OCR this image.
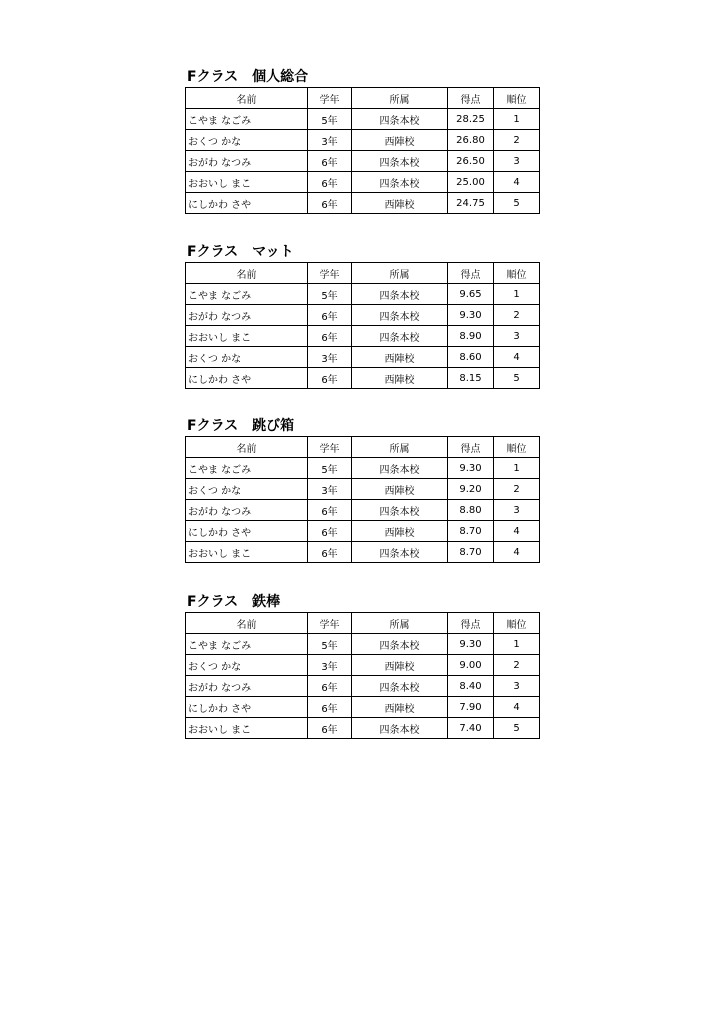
Fクラス　個人総合
名前	学年	所属	得点	順位
こやま なごみ	5年	四条本校	28.25	1
おくつ かな	3年	西陣校	26.80	2
おがわ なつみ	6年	四条本校	26.50	3
おおいし まこ	6年	四条本校	25.00	4
にしかわ さや	6年	西陣校	24.75	5
Fクラス　マット
名前	学年	所属	得点	順位
こやま なごみ	5年	四条本校	9.65	1
おがわ なつみ	6年	四条本校	9.30	2
おおいし まこ	6年	四条本校	8.90	3
おくつ かな	3年	西陣校	8.60	4
にしかわ さや	6年	西陣校	8.15	5
Fクラス　跳び箱
名前	学年	所属	得点	順位
こやま なごみ	5年	四条本校	9.30	1
おくつ かな	3年	西陣校	9.20	2
おがわ なつみ	6年	四条本校	8.80	3
にしかわ さや	6年	西陣校	8.70	4
おおいし まこ	6年	四条本校	8.70	4
Fクラス　鉄棒
名前	学年	所属	得点	順位
こやま なごみ	5年	四条本校	9.30	1
おくつ かな	3年	西陣校	9.00	2
おがわ なつみ	6年	四条本校	8.40	3
にしかわ さや	6年	西陣校	7.90	4
おおいし まこ	6年	四条本校	7.40	5
